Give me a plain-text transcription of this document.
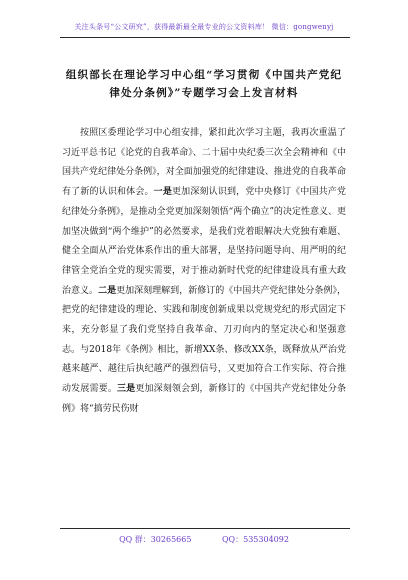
关注头条号“公文研究”，获得最新最全最专业的公文资料库！ 微信：gongwenyj
组织部长在理论学习中心组“学习贯彻《中国共产党纪律处分条例》”专题学习会上发言材料

按照区委理论学习中心组安排，紧扣此次学习主题，我再次重温了习近平总书记《论党的自我革命》、二十届中央纪委三次全会精神和《中国共产党纪律处分条例》，对全面加强党的纪律建设、推进党的自我革命有了新的认识和体会。一是更加深刻认识到，党中央修订《中国共产党纪律处分条例》，是推动全党更加深刻领悟“两个确立”的决定性意义、更加坚决做到“两个维护”的必然要求，是我们党着眼解决大党独有难题、健全全面从严治党体系作出的重大部署，是坚持问题导向、用严明的纪律管全党治全党的现实需要，对于推动新时代党的纪律建设具有重大政治意义。二是更加深刻理解到，新修订的《中国共产党纪律处分条例》，把党的纪律建设的理论、实践和制度创新成果以党规党纪的形式固定下来，充分彰显了我们党坚持自我革命、刀刃向内的坚定决心和坚强意志。与2018年《条例》相比，新增XX条、修改XX条，既释放从严治党越来越严、越往后执纪越严的强烈信号，又更加符合工作实际、符合推动发展需要。三是更加深刻领会到，新修订的《中国共产党纪律处分条例》将“搞劳民伤财

QQ 群：30265665	QQ：535304092
